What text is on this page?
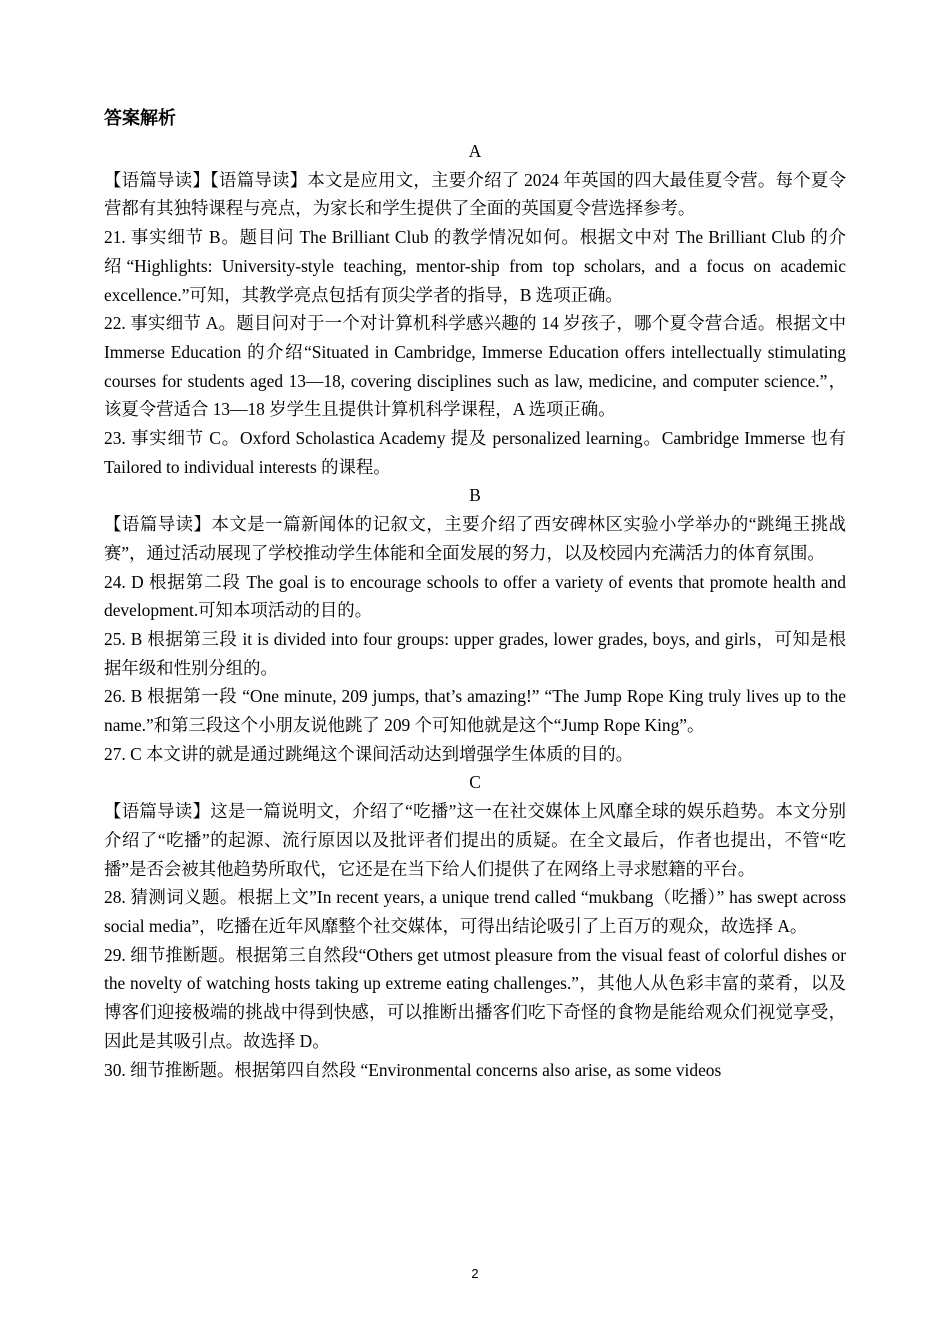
答案解析

A

【语篇导读】【语篇导读】本文是应用文，主要介绍了 2024 年英国的四大最佳夏令营。每个夏令营都有其独特课程与亮点，为家长和学生提供了全面的英国夏令营选择参考。

21. 事实细节 B。题目问 The Brilliant Club 的教学情况如何。根据文中对 The Brilliant Club 的介绍“Highlights: University-style teaching, mentor-ship from top scholars, and a focus on academic excellence.”可知，其教学亮点包括有顶尖学者的指导，B 选项正确。

22. 事实细节 A。题目问对于一个对计算机科学感兴趣的 14 岁孩子，哪个夏令营合适。根据文中 Immerse Education 的介绍“Situated in Cambridge, Immerse Education offers intellectually stimulating courses for students aged 13—18, covering disciplines such as law, medicine, and computer science.”，该夏令营适合 13—18 岁学生且提供计算机科学课程，A 选项正确。

23. 事实细节 C。Oxford Scholastica Academy 提及 personalized learning。Cambridge Immerse 也有 Tailored to individual interests 的课程。

B

【语篇导读】本文是一篇新闻体的记叙文，主要介绍了西安碑林区实验小学举办的“跳绳王挑战赛”，通过活动展现了学校推动学生体能和全面发展的努力，以及校园内充满活力的体育氛围。

24. D 根据第二段 The goal is to encourage schools to offer a variety of events that promote health and development.可知本项活动的目的。

25. B 根据第三段 it is divided into four groups: upper grades, lower grades, boys, and girls，可知是根据年级和性别分组的。

26. B 根据第一段 “One minute, 209 jumps, that’s amazing!” “The Jump Rope King truly lives up to the name.”和第三段这个小朋友说他跳了 209 个可知他就是这个“Jump Rope King”。

27. C 本文讲的就是通过跳绳这个课间活动达到增强学生体质的目的。

C

【语篇导读】这是一篇说明文，介绍了“吃播”这一在社交媒体上风靡全球的娱乐趋势。本文分别介绍了“吃播”的起源、流行原因以及批评者们提出的质疑。在全文最后，作者也提出，不管“吃播”是否会被其他趋势所取代，它还是在当下给人们提供了在网络上寻求慰籍的平台。

28. 猜测词义题。根据上文”In recent years, a unique trend called “mukbang（吃播）” has swept across social media”，吃播在近年风靡整个社交媒体，可得出结论吸引了上百万的观众，故选择 A。

29. 细节推断题。根据第三自然段“Others get utmost pleasure from the visual feast of colorful dishes or the novelty of watching hosts taking up extreme eating challenges.”，其他人从色彩丰富的菜肴，以及博客们迎接极端的挑战中得到快感，可以推断出播客们吃下奇怪的食物是能给观众们视觉享受，因此是其吸引点。故选择 D。

30. 细节推断题。根据第四自然段 “Environmental concerns also arise, as some videos

2
